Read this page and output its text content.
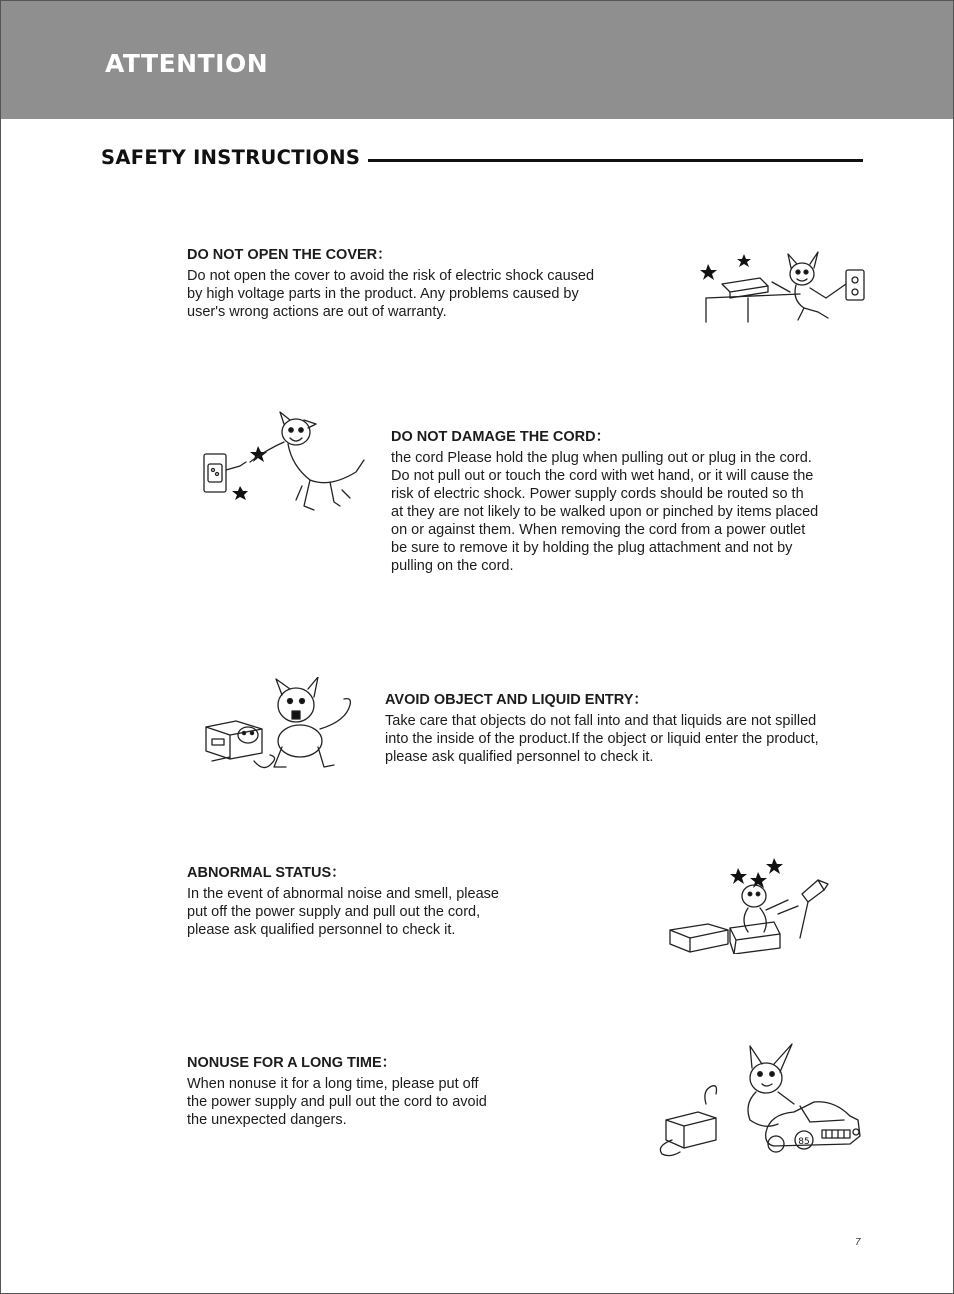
ATTENTION
SAFETY INSTRUCTIONS
DO NOT OPEN THE COVER：

Do not open the cover to avoid the risk of electric shock caused
by high voltage parts in the product. Any problems caused by
user's wrong actions are out of warranty.

DO NOT DAMAGE THE CORD：

the cord Please hold the plug when pulling out or plug in the cord.
Do not pull out or touch the cord with wet hand, or it will cause the
risk of electric shock. Power supply cords should be routed so th
at they are not likely to be walked upon or pinched by items placed
on or against them. When removing the cord from a power outlet
be sure to remove it by holding the plug attachment and not by
pulling on the cord.

AVOID OBJECT AND LIQUID ENTRY：

Take care that objects do not fall into and that liquids are not spilled
into the inside of the product.If the object or liquid enter the product,
please ask qualified personnel to check it.

ABNORMAL STATUS：

In the event of abnormal noise and smell, please
put off the power supply and pull out the cord,
please ask qualified personnel to check it.

NONUSE FOR A LONG TIME：

When nonuse it for a long time, please put off
the power supply and pull out the cord to avoid
the unexpected dangers.

85
7
